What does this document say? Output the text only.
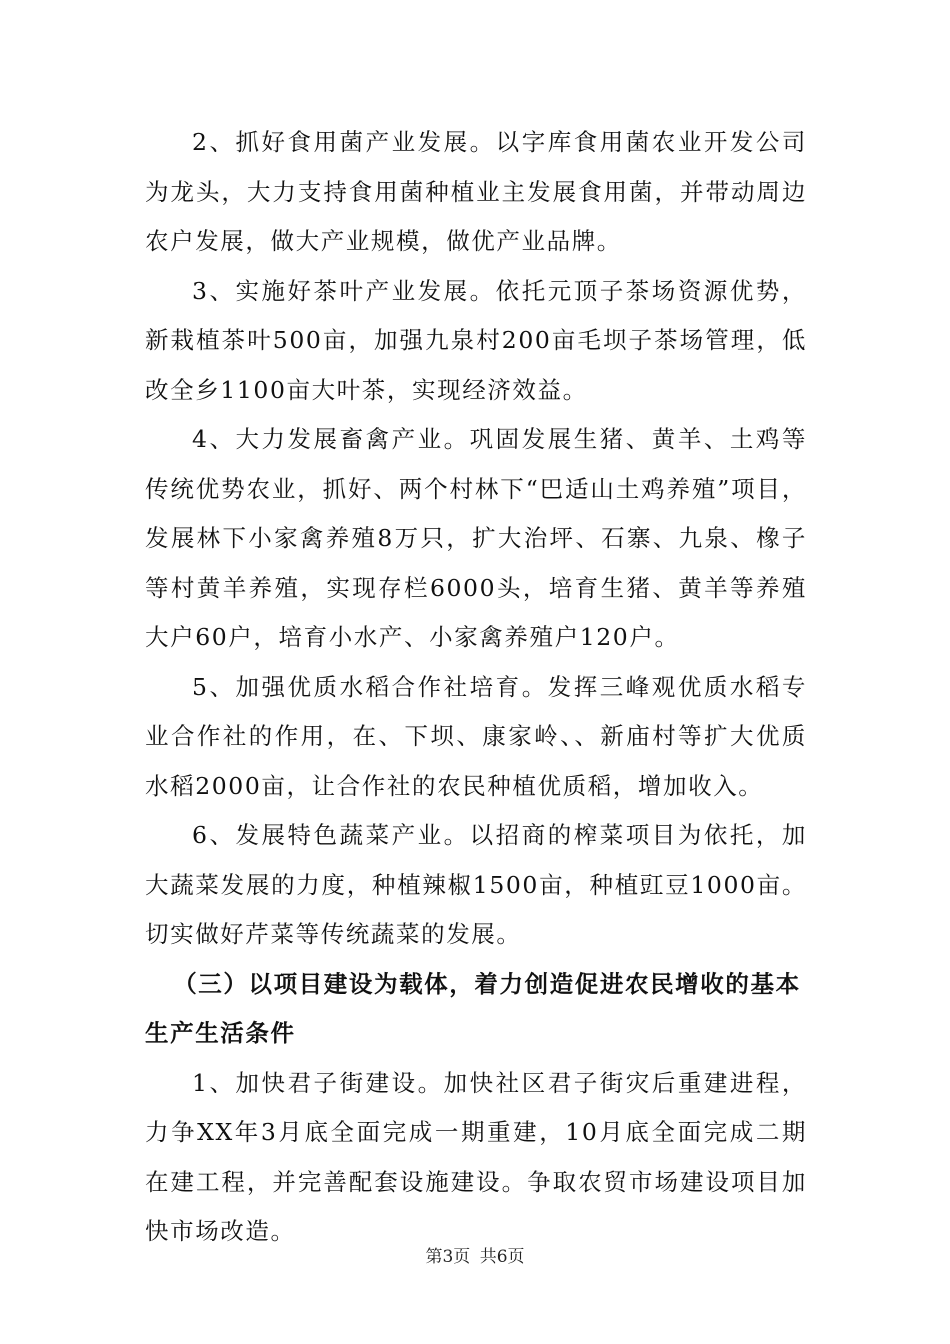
2、抓好食用菌产业发展。以字库食用菌农业开发公司为龙头，大力支持食用菌种植业主发展食用菌，并带动周边农户发展，做大产业规模，做优产业品牌。

3、实施好茶叶产业发展。依托元顶子茶场资源优势，新栽植茶叶500亩，加强九泉村200亩毛坝子茶场管理，低改全乡1100亩大叶茶，实现经济效益。

4、大力发展畜禽产业。巩固发展生猪、黄羊、土鸡等传统优势农业，抓好、两个村林下“巴适山土鸡养殖”项目，发展林下小家禽养殖8万只，扩大治坪、石寨、九泉、橡子等村黄羊养殖，实现存栏6000头，培育生猪、黄羊等养殖大户60户，培育小水产、小家禽养殖户120户。

5、加强优质水稻合作社培育。发挥三峰观优质水稻专业合作社的作用，在、下坝、康家岭、、新庙村等扩大优质水稻2000亩，让合作社的农民种植优质稻，增加收入。

6、发展特色蔬菜产业。以招商的榨菜项目为依托，加大蔬菜发展的力度，种植辣椒1500亩，种植豇豆1000亩。切实做好芹菜等传统蔬菜的发展。

（三）以项目建设为载体，着力创造促进农民增收的基本生产生活条件

1、加快君子街建设。加快社区君子街灾后重建进程，力争XX年3月底全面完成一期重建，10月底全面完成二期在建工程，并完善配套设施建设。争取农贸市场建设项目加快市场改造。

第3页 共6页
